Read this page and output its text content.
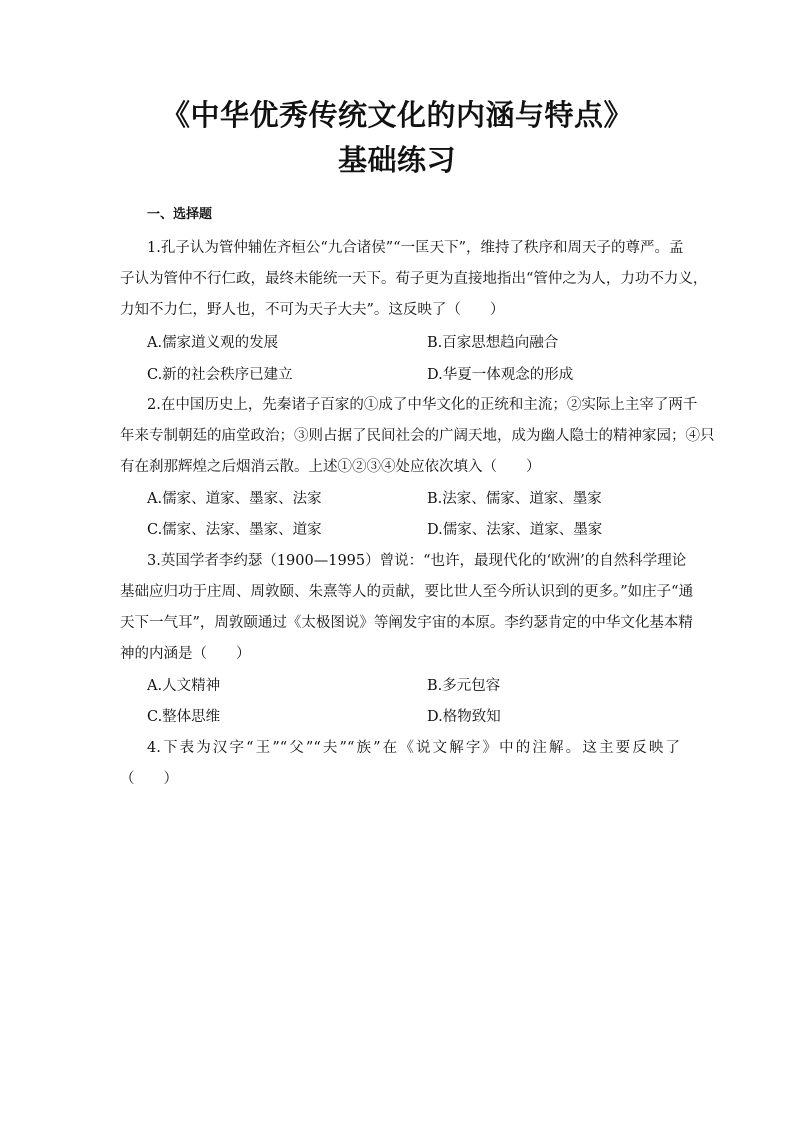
《中华优秀传统文化的内涵与特点》
基础练习
一、选择题
1.孔子认为管仲辅佐齐桓公“九合诸侯”“一匡天下”，维持了秩序和周天子的尊严。孟
子认为管仲不行仁政，最终未能统一天下。荀子更为直接地指出“管仲之为人，力功不力义，
力知不力仁，野人也，不可为天子大夫”。这反映了（　　）
A.儒家道义观的发展	B.百家思想趋向融合
C.新的社会秩序已建立	D.华夏一体观念的形成
2.在中国历史上，先秦诸子百家的①成了中华文化的正统和主流；②实际上主宰了两千
年来专制朝廷的庙堂政治；③则占据了民间社会的广阔天地，成为幽人隐士的精神家园；④只
有在刹那辉煌之后烟消云散。上述①②③④处应依次填入（　　）
A.儒家、道家、墨家、法家	B.法家、儒家、道家、墨家
C.儒家、法家、墨家、道家	D.儒家、法家、道家、墨家
3.英国学者李约瑟（1900—1995）曾说：“也许，最现代化的‘欧洲’的自然科学理论
基础应归功于庄周、周敦颐、朱熹等人的贡献，要比世人至今所认识到的更多。”如庄子“通
天下一气耳”，周敦颐通过《太极图说》等阐发宇宙的本原。李约瑟肯定的中华文化基本精
神的内涵是（　　）
A.人文精神	B.多元包容
C.整体思维	D.格物致知
4.下表为汉字“王”“父”“夫”“族”在《说文解字》中的注解。这主要反映了
（　　）
